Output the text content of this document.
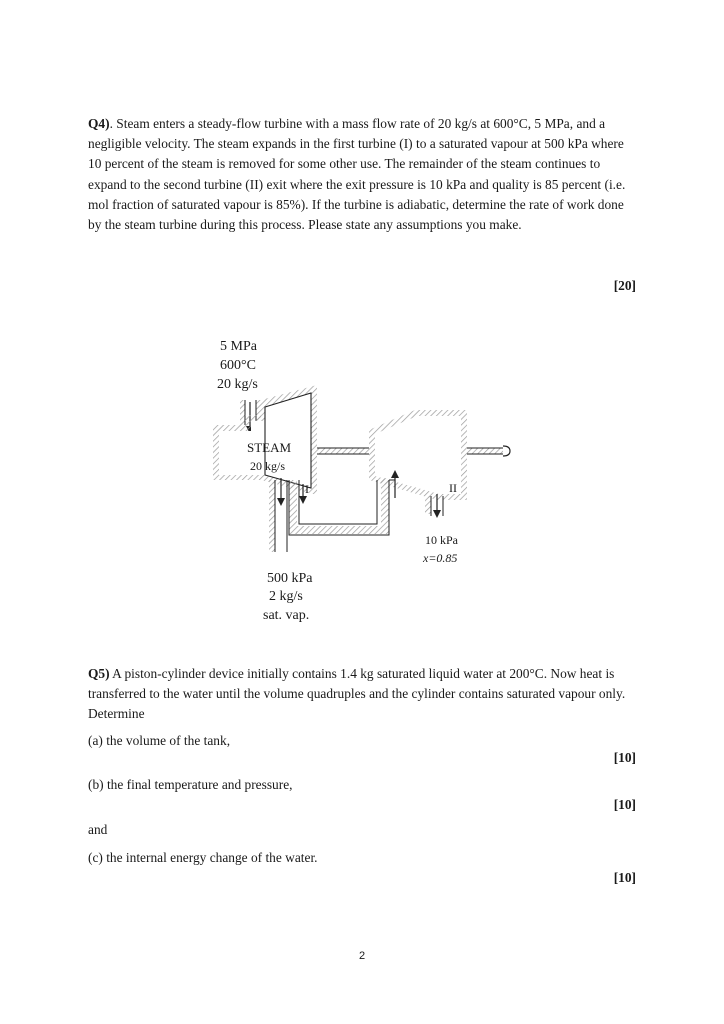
Q4). Steam enters a steady-flow turbine with a mass flow rate of 20 kg/s at 600°C, 5 MPa, and a negligible velocity. The steam expands in the first turbine (I) to a saturated vapour at 500 kPa where 10 percent of the steam is removed for some other use. The remainder of the steam continues to expand to the second turbine (II) exit where the exit pressure is 10 kPa and quality is 85 percent (i.e. mol fraction of saturated vapour is 85%). If the turbine is adiabatic, determine the rate of work done by the steam turbine during this process. Please state any assumptions you make.
[20]
5 MPa
600°C
20 kg/s
STEAM
20 kg/s
I	II
10 kPa
x=0.85
500 kPa
2 kg/s
sat. vap.
Q5) A piston-cylinder device initially contains 1.4 kg saturated liquid water at 200°C. Now heat is transferred to the water until the volume quadruples and the cylinder contains saturated vapour only. Determine
(a) the volume of the tank,
[10]
(b) the final temperature and pressure,
[10]
and
(c) the internal energy change of the water.
[10]
2
